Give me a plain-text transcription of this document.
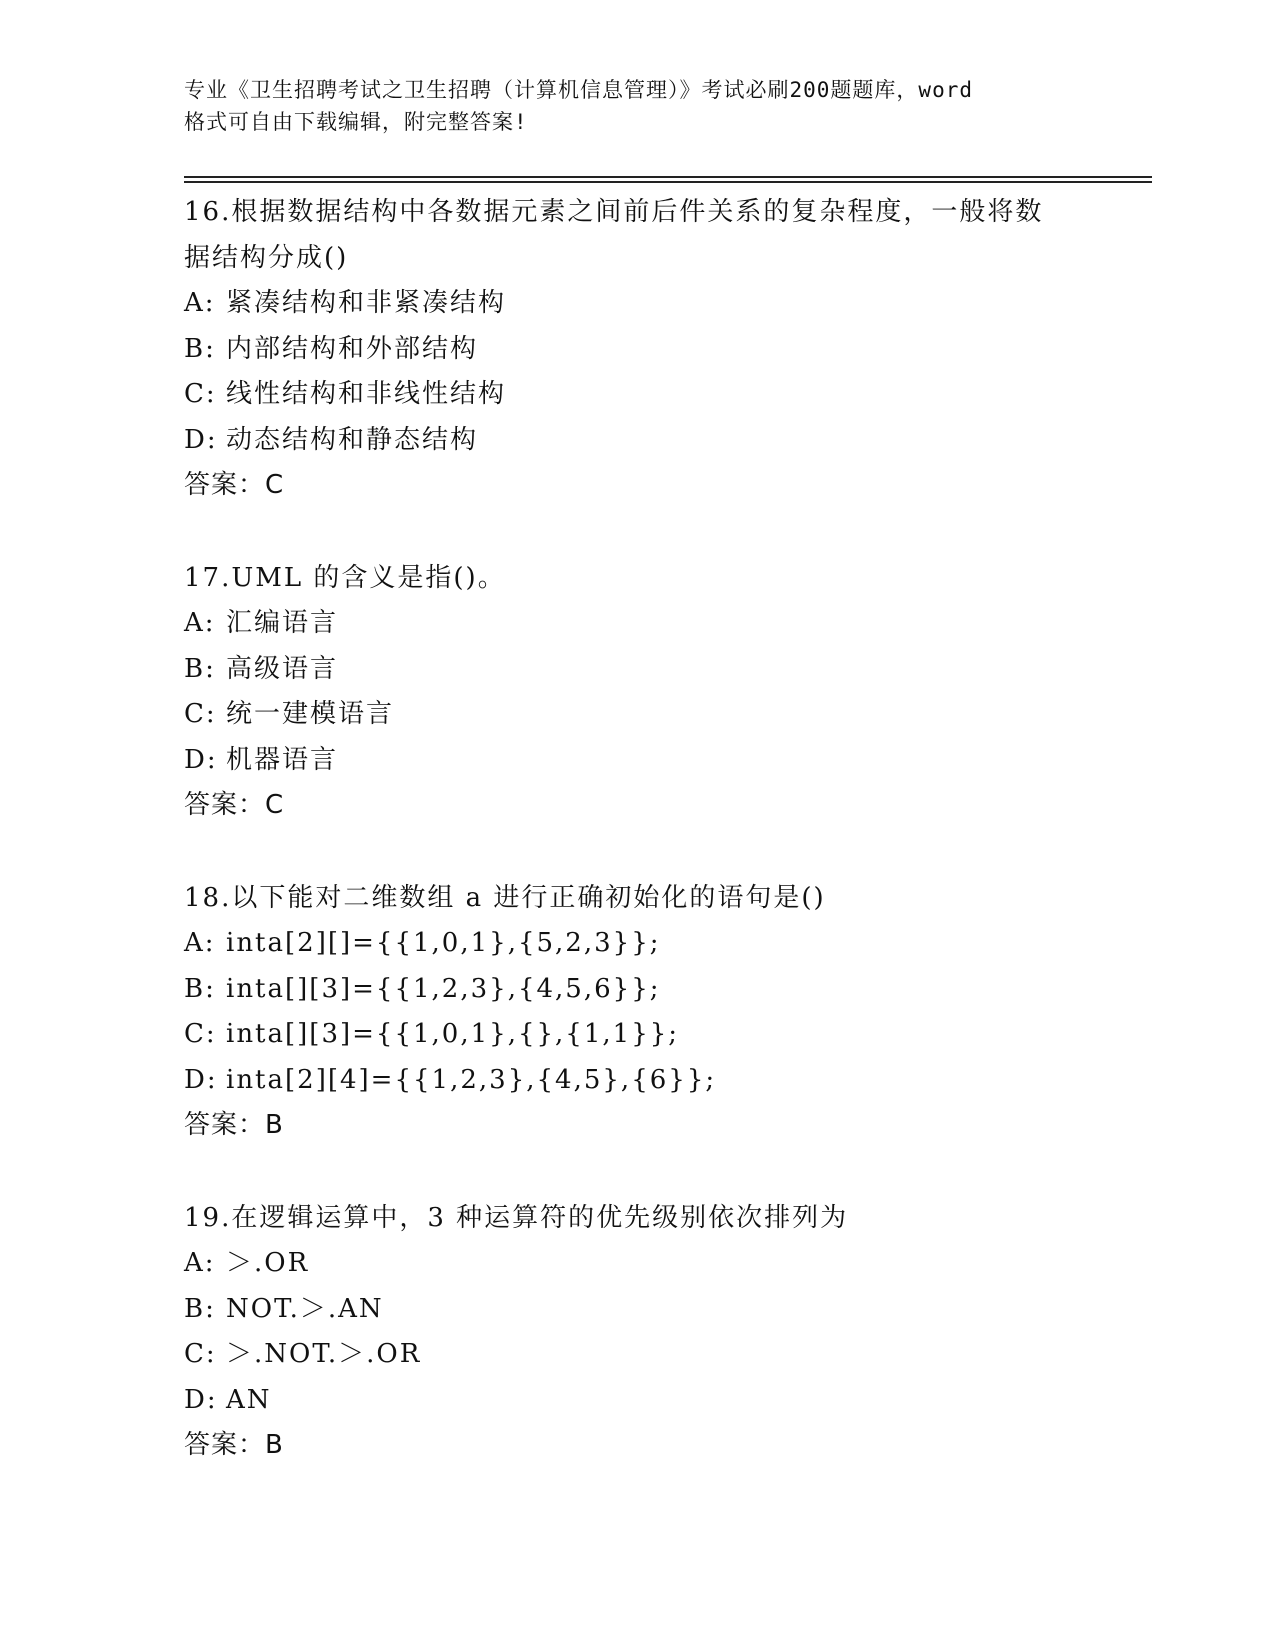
专业《卫生招聘考试之卫生招聘（计算机信息管理）》考试必刷200题题库，word
格式可自由下载编辑，附完整答案!
16.根据数据结构中各数据元素之间前后件关系的复杂程度，一般将数
据结构分成()
A: 紧凑结构和非紧凑结构
B: 内部结构和外部结构
C: 线性结构和非线性结构
D: 动态结构和静态结构
答案：C
17.UML 的含义是指()。
A: 汇编语言
B: 高级语言
C: 统一建模语言
D: 机器语言
答案：C
18.以下能对二维数组 a 进行正确初始化的语句是()
A: inta[2][]={{1,0,1},{5,2,3}};
B: inta[][3]={{1,2,3},{4,5,6}};
C: inta[][3]={{1,0,1},{},{1,1}};
D: inta[2][4]={{1,2,3},{4,5},{6}};
答案：B
19.在逻辑运算中，3 种运算符的优先级别依次排列为
A: ＞.OR
B: NOT.＞.AN
C: ＞.NOT.＞.OR
D: AN
答案：B
